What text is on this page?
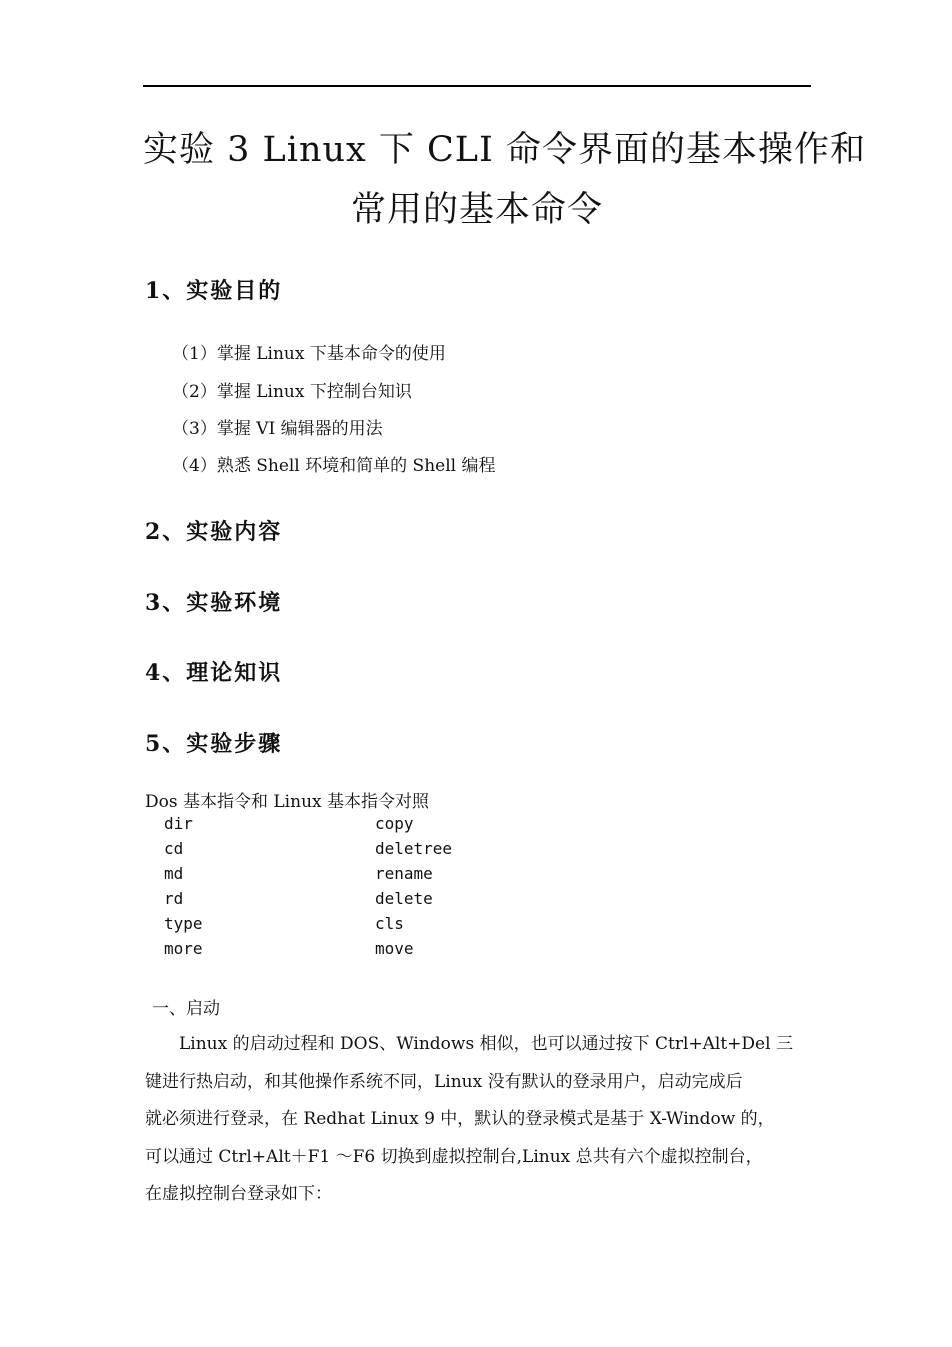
实验 3 Linux 下 CLI 命令界面的基本操作和
常用的基本命令
1、实验目的
（1）掌握 Linux 下基本命令的使用
（2）掌握 Linux 下控制台知识
（3）掌握 VI 编辑器的用法
（4）熟悉 Shell 环境和简单的 Shell 编程
2、实验内容
3、实验环境
4、理论知识
5、实验步骤
Dos 基本指令和 Linux 基本指令对照
dir
cd
md
rd
type
more
copy
deletree
rename
delete
cls
move
一、启动
　　Linux 的启动过程和 DOS、Windows 相似，也可以通过按下 Ctrl+Alt+Del 三
键进行热启动，和其他操作系统不同，Linux 没有默认的登录用户，启动完成后
就必须进行登录，在 Redhat Linux 9 中，默认的登录模式是基于 X-Window 的，
可以通过 Ctrl+Alt＋F1 ～F6 切换到虚拟控制台,Linux 总共有六个虚拟控制台，
在虚拟控制台登录如下：
